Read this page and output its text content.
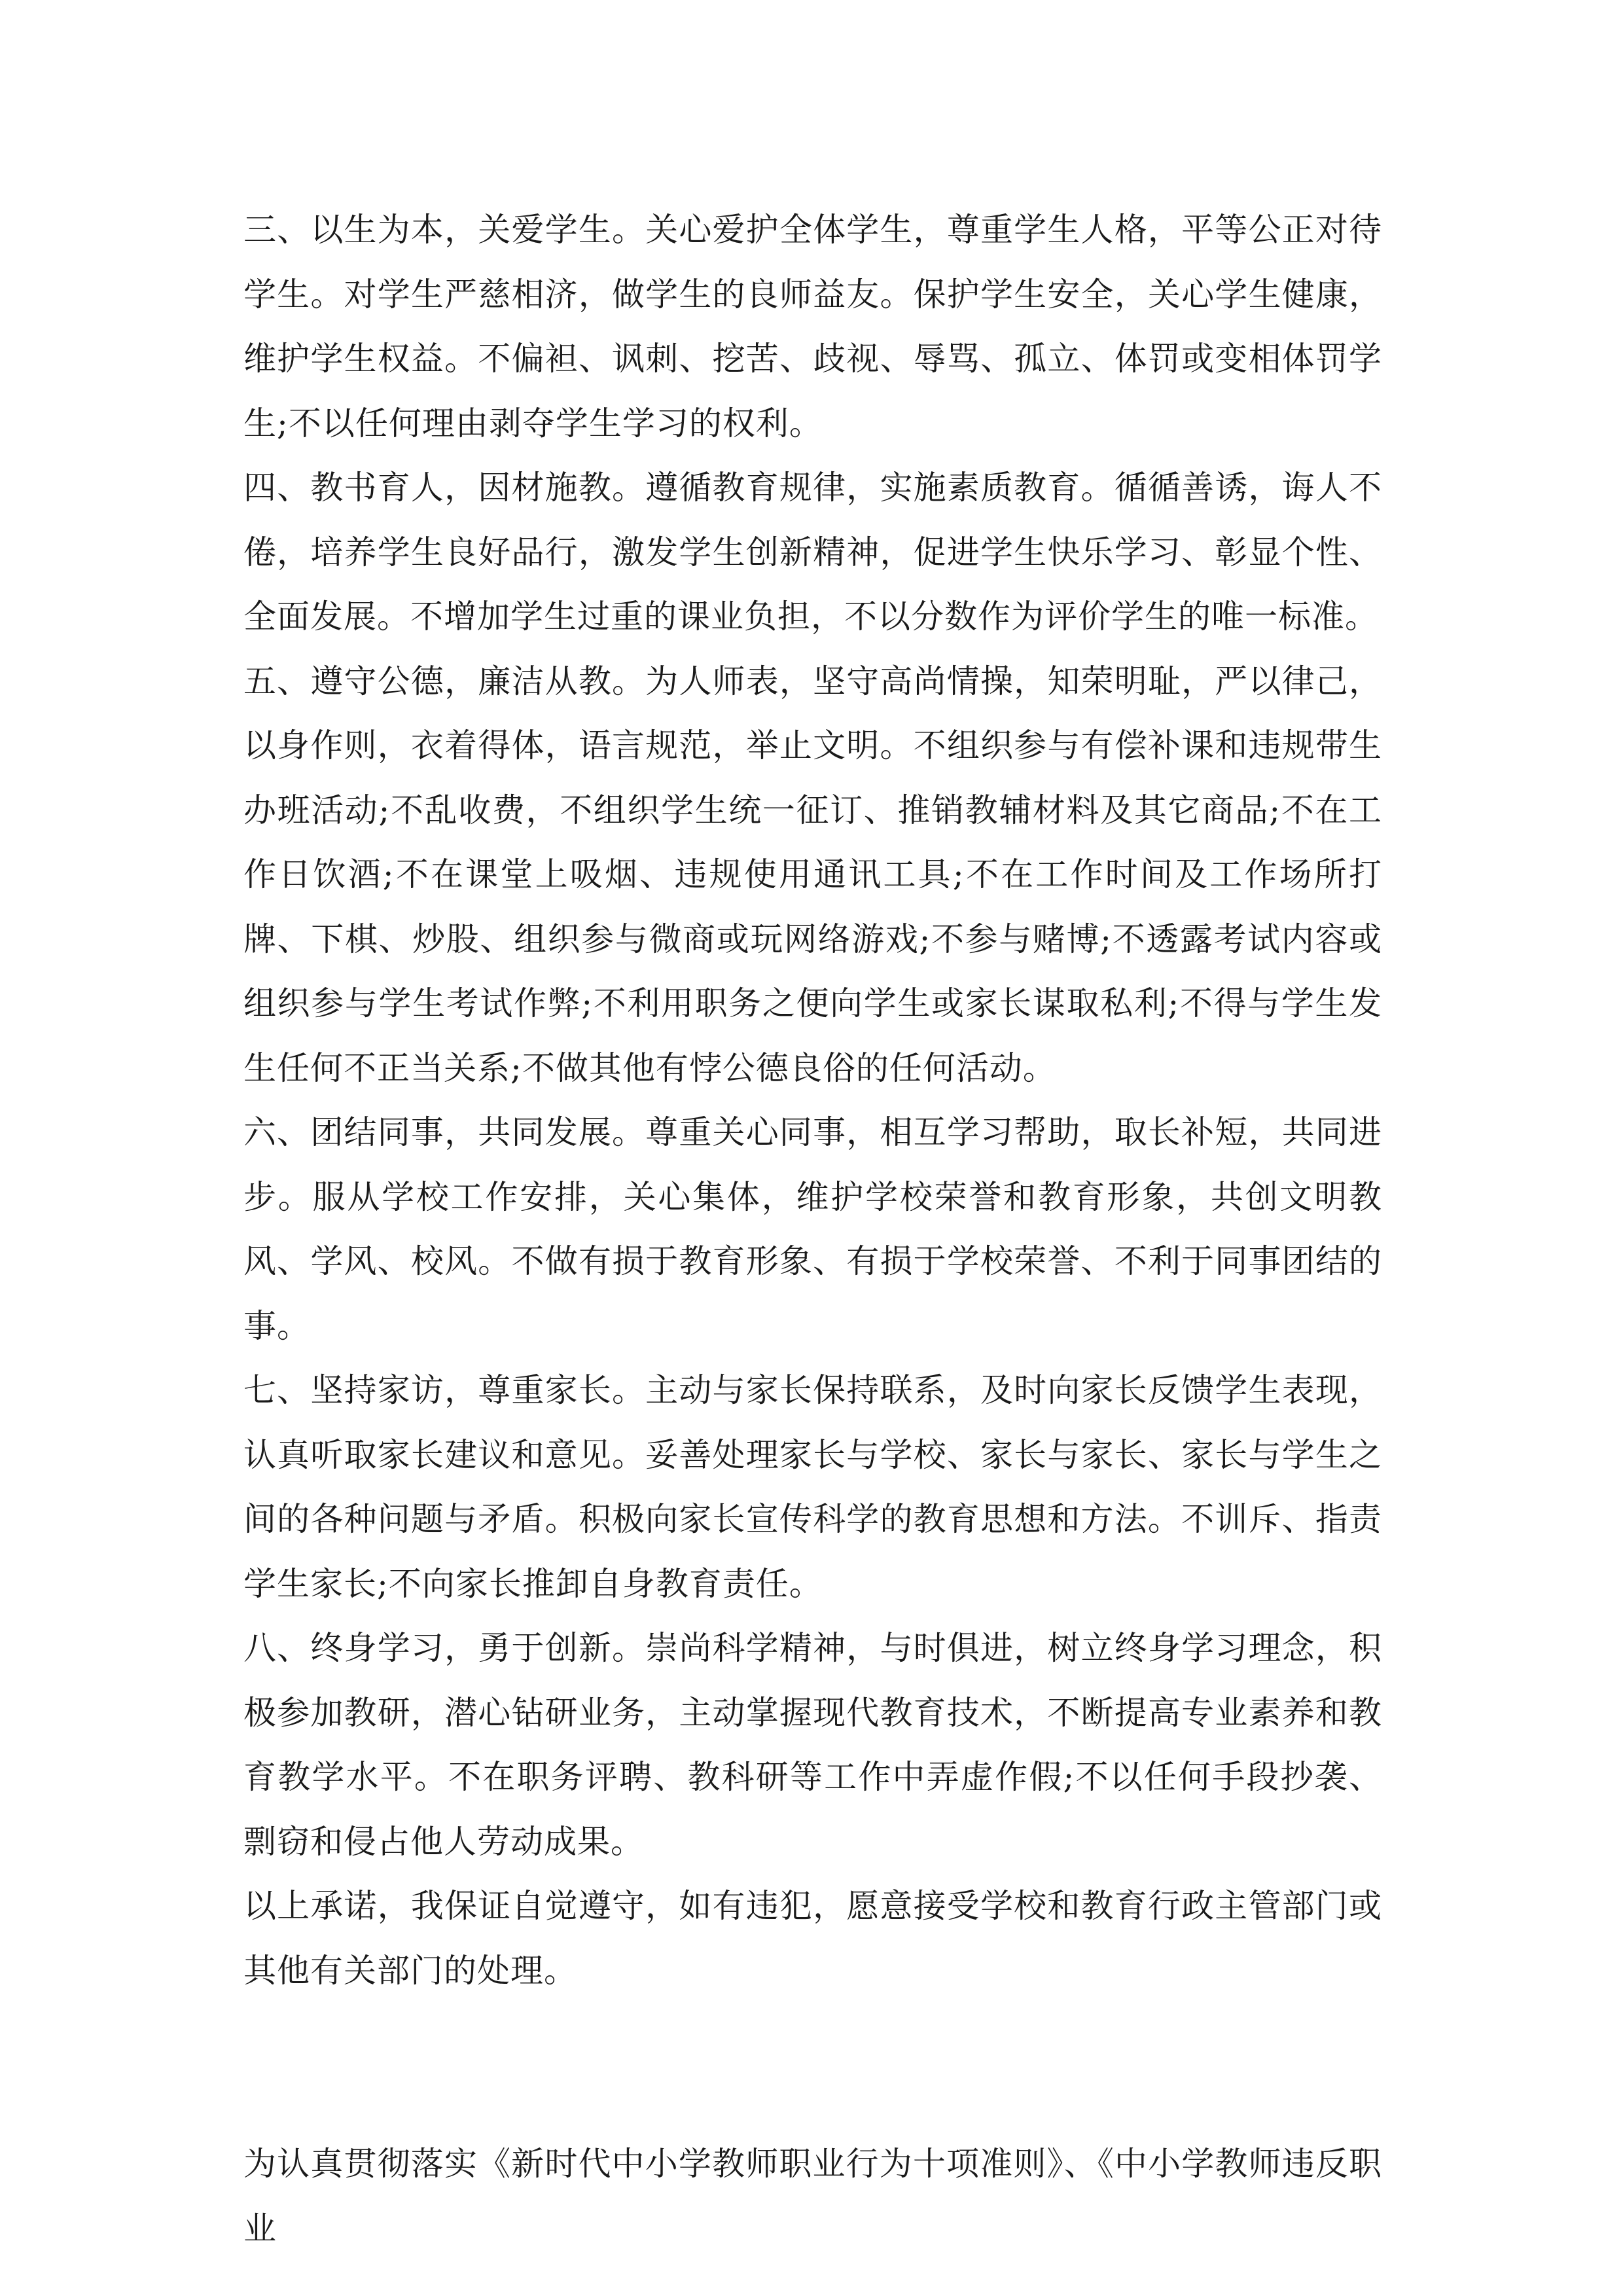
三、以生为本，关爱学生。关心爱护全体学生，尊重学生人格，平等公正对待学生。对学生严慈相济，做学生的良师益友。保护学生安全，关心学生健康，维护学生权益。不偏袒、讽刺、挖苦、歧视、辱骂、孤立、体罚或变相体罚学生;不以任何理由剥夺学生学习的权利。

四、教书育人，因材施教。遵循教育规律，实施素质教育。循循善诱，诲人不倦，培养学生良好品行，激发学生创新精神，促进学生快乐学习、彰显个性、全面发展。不增加学生过重的课业负担，不以分数作为评价学生的唯一标准。

五、遵守公德，廉洁从教。为人师表，坚守高尚情操，知荣明耻，严以律己，以身作则，衣着得体，语言规范，举止文明。不组织参与有偿补课和违规带生办班活动;不乱收费，不组织学生统一征订、推销教辅材料及其它商品;不在工作日饮酒;不在课堂上吸烟、违规使用通讯工具;不在工作时间及工作场所打牌、下棋、炒股、组织参与微商或玩网络游戏;不参与赌博;不透露考试内容或组织参与学生考试作弊;不利用职务之便向学生或家长谋取私利;不得与学生发生任何不正当关系;不做其他有悖公德良俗的任何活动。

六、团结同事，共同发展。尊重关心同事，相互学习帮助，取长补短，共同进步。服从学校工作安排，关心集体，维护学校荣誉和教育形象，共创文明教风、学风、校风。不做有损于教育形象、有损于学校荣誉、不利于同事团结的事。

七、坚持家访，尊重家长。主动与家长保持联系，及时向家长反馈学生表现，认真听取家长建议和意见。妥善处理家长与学校、家长与家长、家长与学生之间的各种问题与矛盾。积极向家长宣传科学的教育思想和方法。不训斥、指责学生家长;不向家长推卸自身教育责任。

八、终身学习，勇于创新。崇尚科学精神，与时俱进，树立终身学习理念，积极参加教研，潜心钻研业务，主动掌握现代教育技术，不断提高专业素养和教育教学水平。不在职务评聘、教科研等工作中弄虚作假;不以任何手段抄袭、剽窃和侵占他人劳动成果。

以上承诺，我保证自觉遵守，如有违犯，愿意接受学校和教育行政主管部门或其他有关部门的处理。

为认真贯彻落实《新时代中小学教师职业行为十项准则》、《中小学教师违反职业
